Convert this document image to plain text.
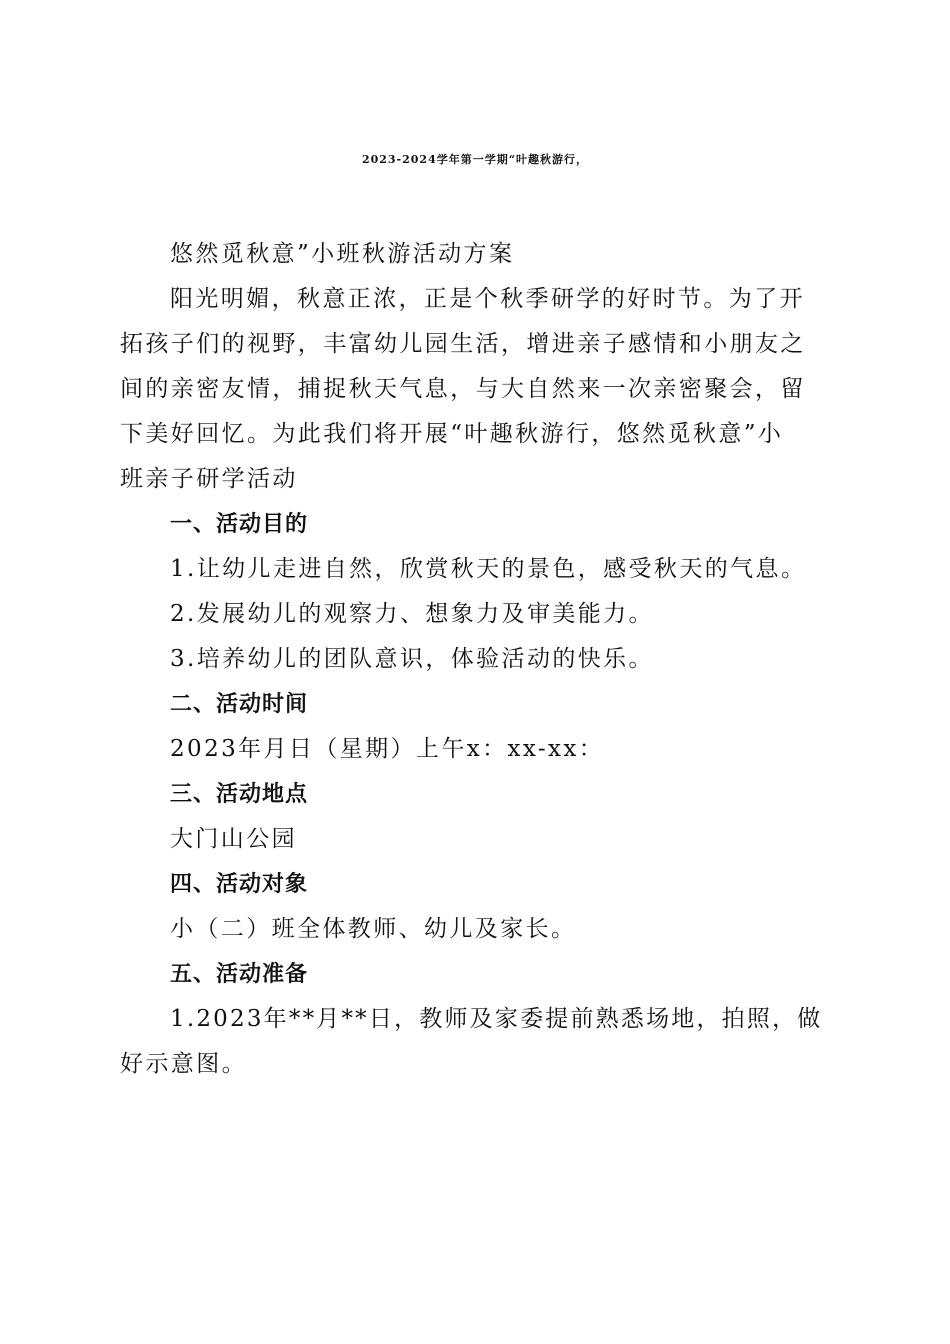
2023-2024学年第一学期“叶趣秋游行，
悠然觅秋意”小班秋游活动方案
阳光明媚，秋意正浓，正是个秋季研学的好时节。为了开
拓孩子们的视野，丰富幼儿园生活，增进亲子感情和小朋友之
间的亲密友情，捕捉秋天气息，与大自然来一次亲密聚会，留
下美好回忆。为此我们将开展“叶趣秋游行，悠然觅秋意”小
班亲子研学活动
一、活动目的
1.让幼儿走进自然，欣赏秋天的景色，感受秋天的气息。
2.发展幼儿的观察力、想象力及审美能力。
3.培养幼儿的团队意识，体验活动的快乐。
二、活动时间
2023年月日（星期）上午x：xx-xx：
三、活动地点
大门山公园
四、活动对象
小（二）班全体教师、幼儿及家长。
五、活动准备
1.2023年**月**日，教师及家委提前熟悉场地，拍照，做
好示意图。
